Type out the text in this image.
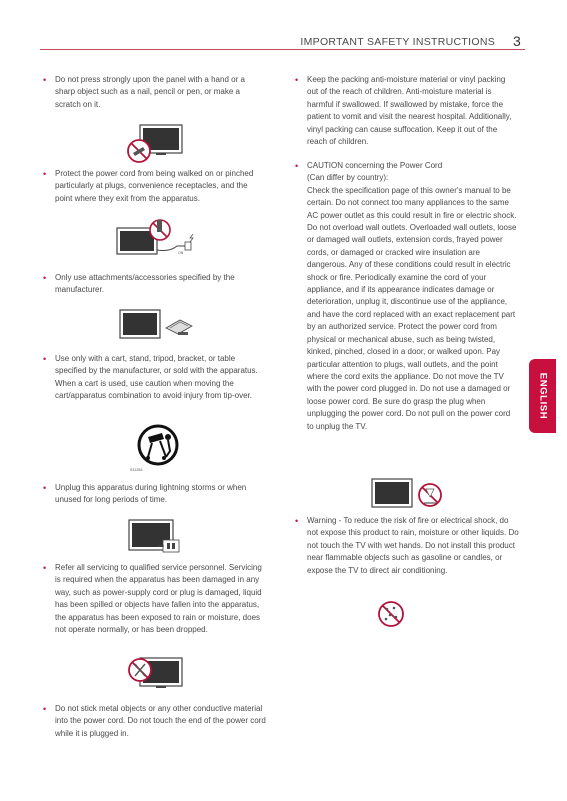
IMPORTANT SAFETY INSTRUCTIONS 3
ENGLISH
• Do not press strongly upon the panel with a hand or a sharp object such as a nail, pencil or pen, or make a scratch on it.

• Protect the power cord from being walked on or pinched particularly at plugs, convenience receptacles, and the point where they exit from the apparatus.

ON
• Only use attachments/accessories specified by the manufacturer.

• Use only with a cart, stand, tripod, bracket, or table specified by the manufacturer, or sold with the apparatus. When a cart is used, use caution when moving the cart/apparatus combination to avoid injury from tip-over.

S3125A
• Unplug this apparatus during lightning storms or when unused for long periods of time.

• Refer all servicing to qualified service personnel. Servicing is required when the apparatus has been damaged in any way, such as power-supply cord or plug is damaged, liquid has been spilled or objects have fallen into the apparatus, the apparatus has been exposed to rain or moisture, does not operate normally, or has been dropped.

• Do not stick metal objects or any other conductive material into the power cord. Do not touch the end of the power cord while it is plugged in.

• Keep the packing anti-moisture material or vinyl packing out of the reach of children. Anti-moisture material is harmful if swallowed. If swallowed by mistake, force the patient to vomit and visit the nearest hospital. Additionally, vinyl packing can cause suffocation. Keep it out of the reach of children.

• CAUTION concerning the Power Cord

(Can differ by country):

Check the specification page of this owner's manual to be certain. Do not connect too many appliances to the same AC power outlet as this could result in fire or electric shock. Do not overload wall outlets. Overloaded wall outlets, loose or damaged wall outlets, extension cords, frayed power cords, or damaged or cracked wire insulation are dangerous. Any of these conditions could result in electric shock or fire. Periodically examine the cord of your appliance, and if its appearance indicates damage or deterioration, unplug it, discontinue use of the appliance, and have the cord replaced with an exact replacement part by an authorized service. Protect the power cord from physical or mechanical abuse, such as being twisted, kinked, pinched, closed in a door, or walked upon. Pay particular attention to plugs, wall outlets, and the point where the cord exits the appliance. Do not move the TV with the power cord plugged in. Do not use a damaged or loose power cord. Be sure do grasp the plug when unplugging the power cord. Do not pull on the power cord to unplug the TV.

• Warning - To reduce the risk of fire or electrical shock, do not expose this product to rain, moisture or other liquids. Do not touch the TV with wet hands. Do not install this product near flammable objects such as gasoline or candles, or expose the TV to direct air conditioning.
